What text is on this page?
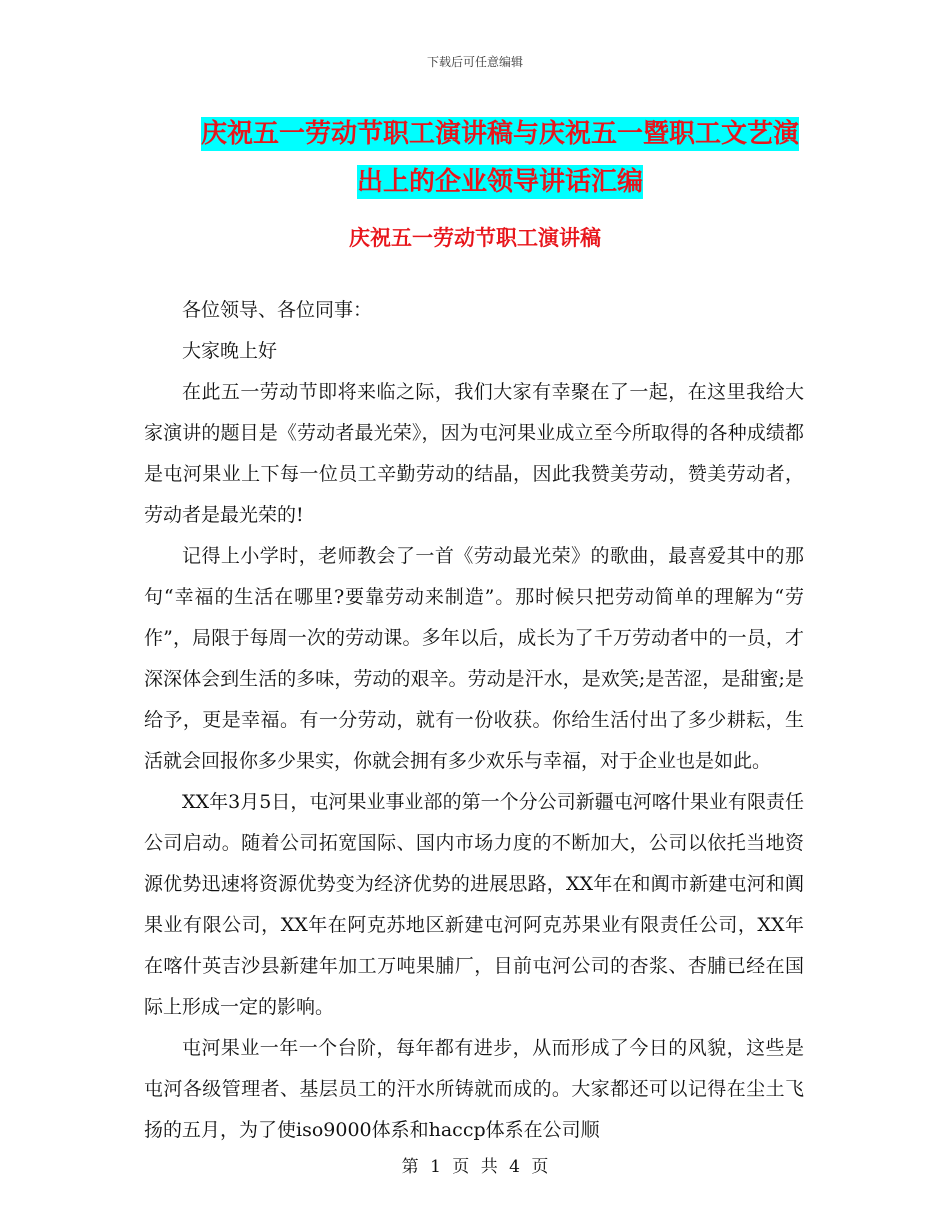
下载后可任意编辑
庆祝五一劳动节职工演讲稿与庆祝五一暨职工文艺演
出上的企业领导讲话汇编
庆祝五一劳动节职工演讲稿

各位领导、各位同事：

大家晚上好

在此五一劳动节即将来临之际，我们大家有幸聚在了一起，在这里我给大家演讲的题目是《劳动者最光荣》，因为屯河果业成立至今所取得的各种成绩都是屯河果业上下每一位员工辛勤劳动的结晶，因此我赞美劳动，赞美劳动者，劳动者是最光荣的!

记得上小学时，老师教会了一首《劳动最光荣》的歌曲，最喜爱其中的那句“幸福的生活在哪里?要靠劳动来制造”。那时候只把劳动简单的理解为“劳作”，局限于每周一次的劳动课。多年以后，成长为了千万劳动者中的一员，才深深体会到生活的多味，劳动的艰辛。劳动是汗水，是欢笑;是苦涩，是甜蜜;是给予，更是幸福。有一分劳动，就有一份收获。你给生活付出了多少耕耘，生活就会回报你多少果实，你就会拥有多少欢乐与幸福，对于企业也是如此。

XX年3月5日，屯河果业事业部的第一个分公司新疆屯河喀什果业有限责任公司启动。随着公司拓宽国际、国内市场力度的不断加大，公司以依托当地资源优势迅速将资源优势变为经济优势的进展思路，XX年在和阗市新建屯河和阗果业有限公司，XX年在阿克苏地区新建屯河阿克苏果业有限责任公司，XX年在喀什英吉沙县新建年加工万吨果脯厂，目前屯河公司的杏浆、杏脯已经在国际上形成一定的影响。

屯河果业一年一个台阶，每年都有进步，从而形成了今日的风貌，这些是屯河各级管理者、基层员工的汗水所铸就而成的。大家都还可以记得在尘土飞扬的五月，为了使iso9000体系和haccp体系在公司顺

第 1 页 共 4 页
